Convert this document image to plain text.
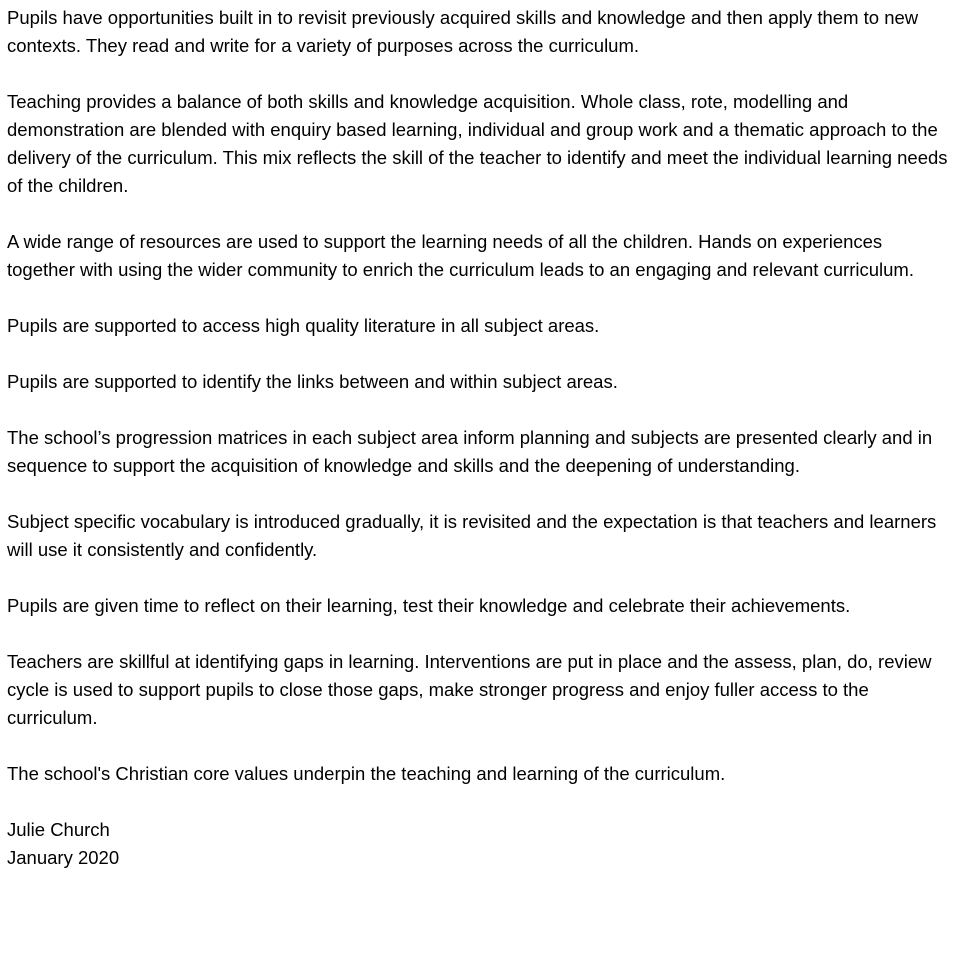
Pupils have opportunities built in to revisit previously acquired skills and knowledge and then apply them to new contexts. They read and write for a variety of purposes across the curriculum.

Teaching provides a balance of both skills and knowledge acquisition. Whole class, rote, modelling and demonstration are blended with enquiry based learning, individual and group work and a thematic approach to the delivery of the curriculum. This mix reflects the skill of the teacher to identify and meet the individual learning needs of the children.

A wide range of resources are used to support the learning needs of all the children. Hands on experiences together with using the wider community to enrich the curriculum leads to an engaging and relevant curriculum.

Pupils are supported to access high quality literature in all subject areas.

Pupils are supported to identify the links between and within subject areas.

The school’s progression matrices in each subject area inform planning and subjects are presented clearly and in sequence to support the acquisition of knowledge and skills and the deepening of understanding.

Subject specific vocabulary is introduced gradually, it is revisited and the expectation is that teachers and learners will use it consistently and confidently.

Pupils are given time to reflect on their learning, test their knowledge and celebrate their achievements.

Teachers are skillful at identifying gaps in learning. Interventions are put in place and the assess, plan, do, review cycle is used to support pupils to close those gaps, make stronger progress and enjoy fuller access to the curriculum.

The school's Christian core values underpin the teaching and learning of the curriculum.

Julie Church
January 2020
